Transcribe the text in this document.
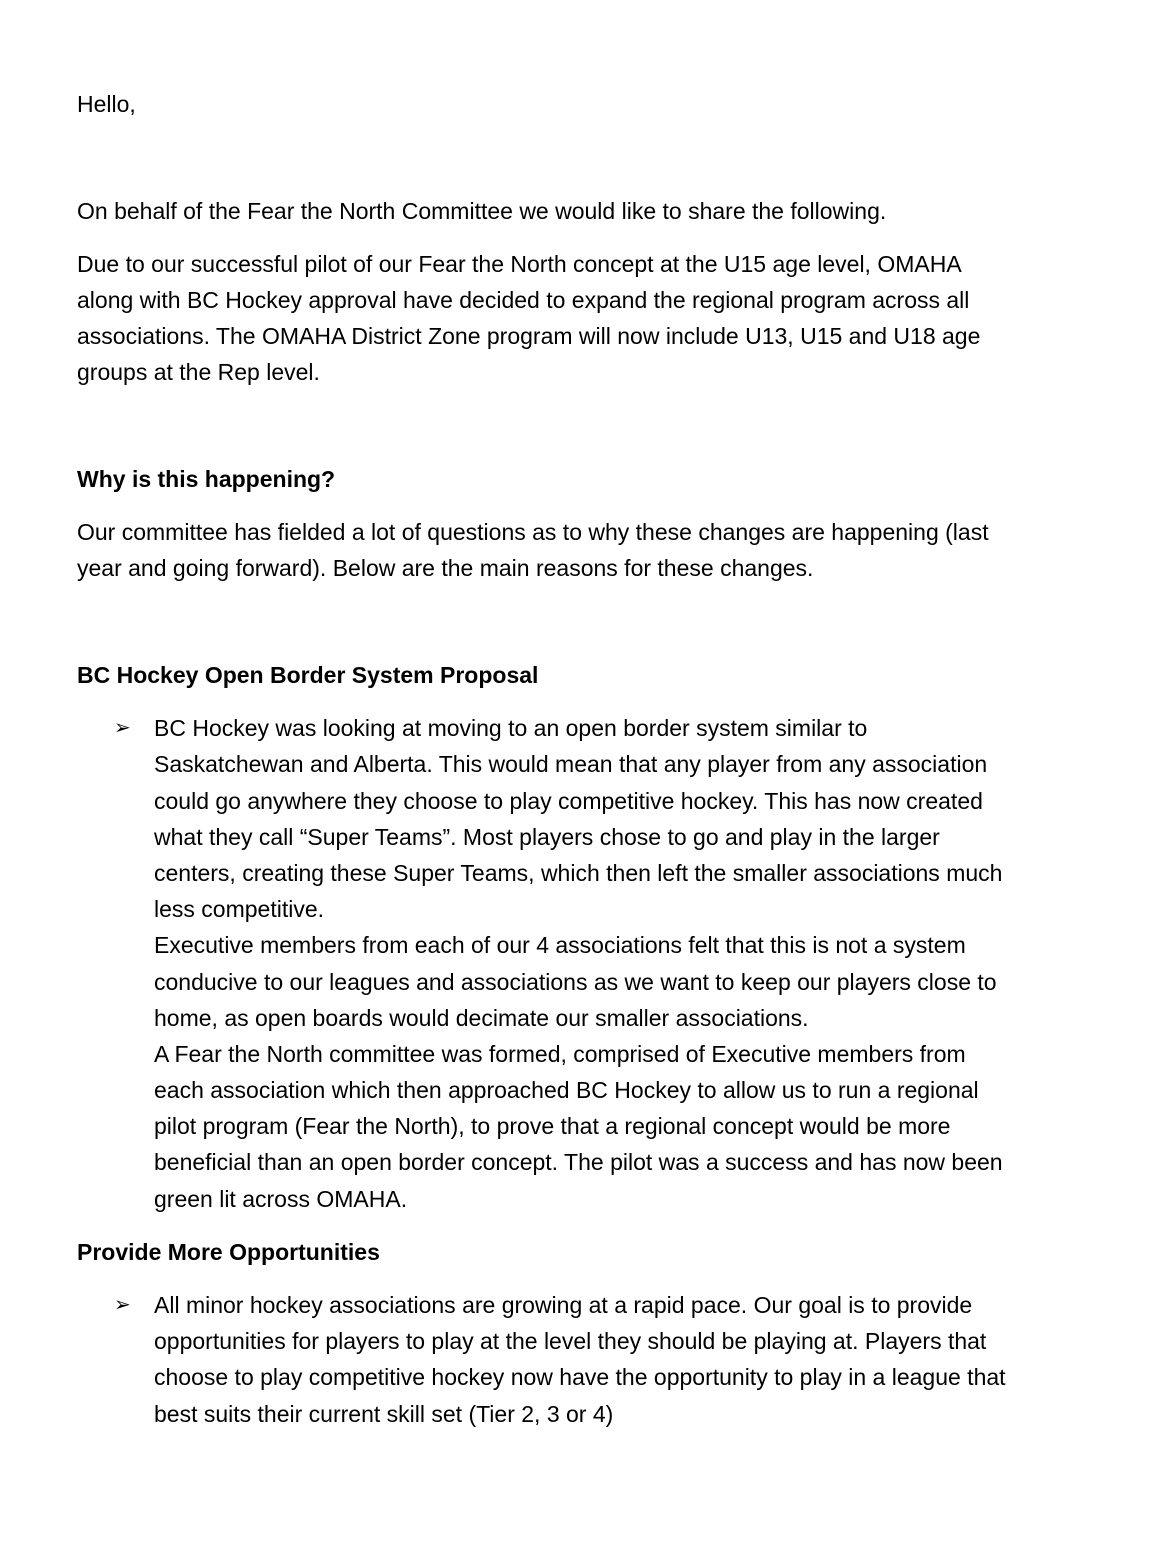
Hello,
On behalf of the Fear the North Committee we would like to share the following.
Due to our successful pilot of our Fear the North concept at the U15 age level, OMAHA
along with BC Hockey approval have decided to expand the regional program across all
associations. The OMAHA District Zone program will now include U13, U15 and U18 age
groups at the Rep level.
Why is this happening?
Our committee has fielded a lot of questions as to why these changes are happening (last
year and going forward). Below are the main reasons for these changes.
BC Hockey Open Border System Proposal
➢ BC Hockey was looking at moving to an open border system similar to
Saskatchewan and Alberta. This would mean that any player from any association
could go anywhere they choose to play competitive hockey. This has now created
what they call “Super Teams”. Most players chose to go and play in the larger
centers, creating these Super Teams, which then left the smaller associations much
less competitive.
Executive members from each of our 4 associations felt that this is not a system
conducive to our leagues and associations as we want to keep our players close to
home, as open boards would decimate our smaller associations.
A Fear the North committee was formed, comprised of Executive members from
each association which then approached BC Hockey to allow us to run a regional
pilot program (Fear the North), to prove that a regional concept would be more
beneficial than an open border concept. The pilot was a success and has now been
green lit across OMAHA.
Provide More Opportunities
➢ All minor hockey associations are growing at a rapid pace. Our goal is to provide
opportunities for players to play at the level they should be playing at. Players that
choose to play competitive hockey now have the opportunity to play in a league that
best suits their current skill set (Tier 2, 3 or 4)
